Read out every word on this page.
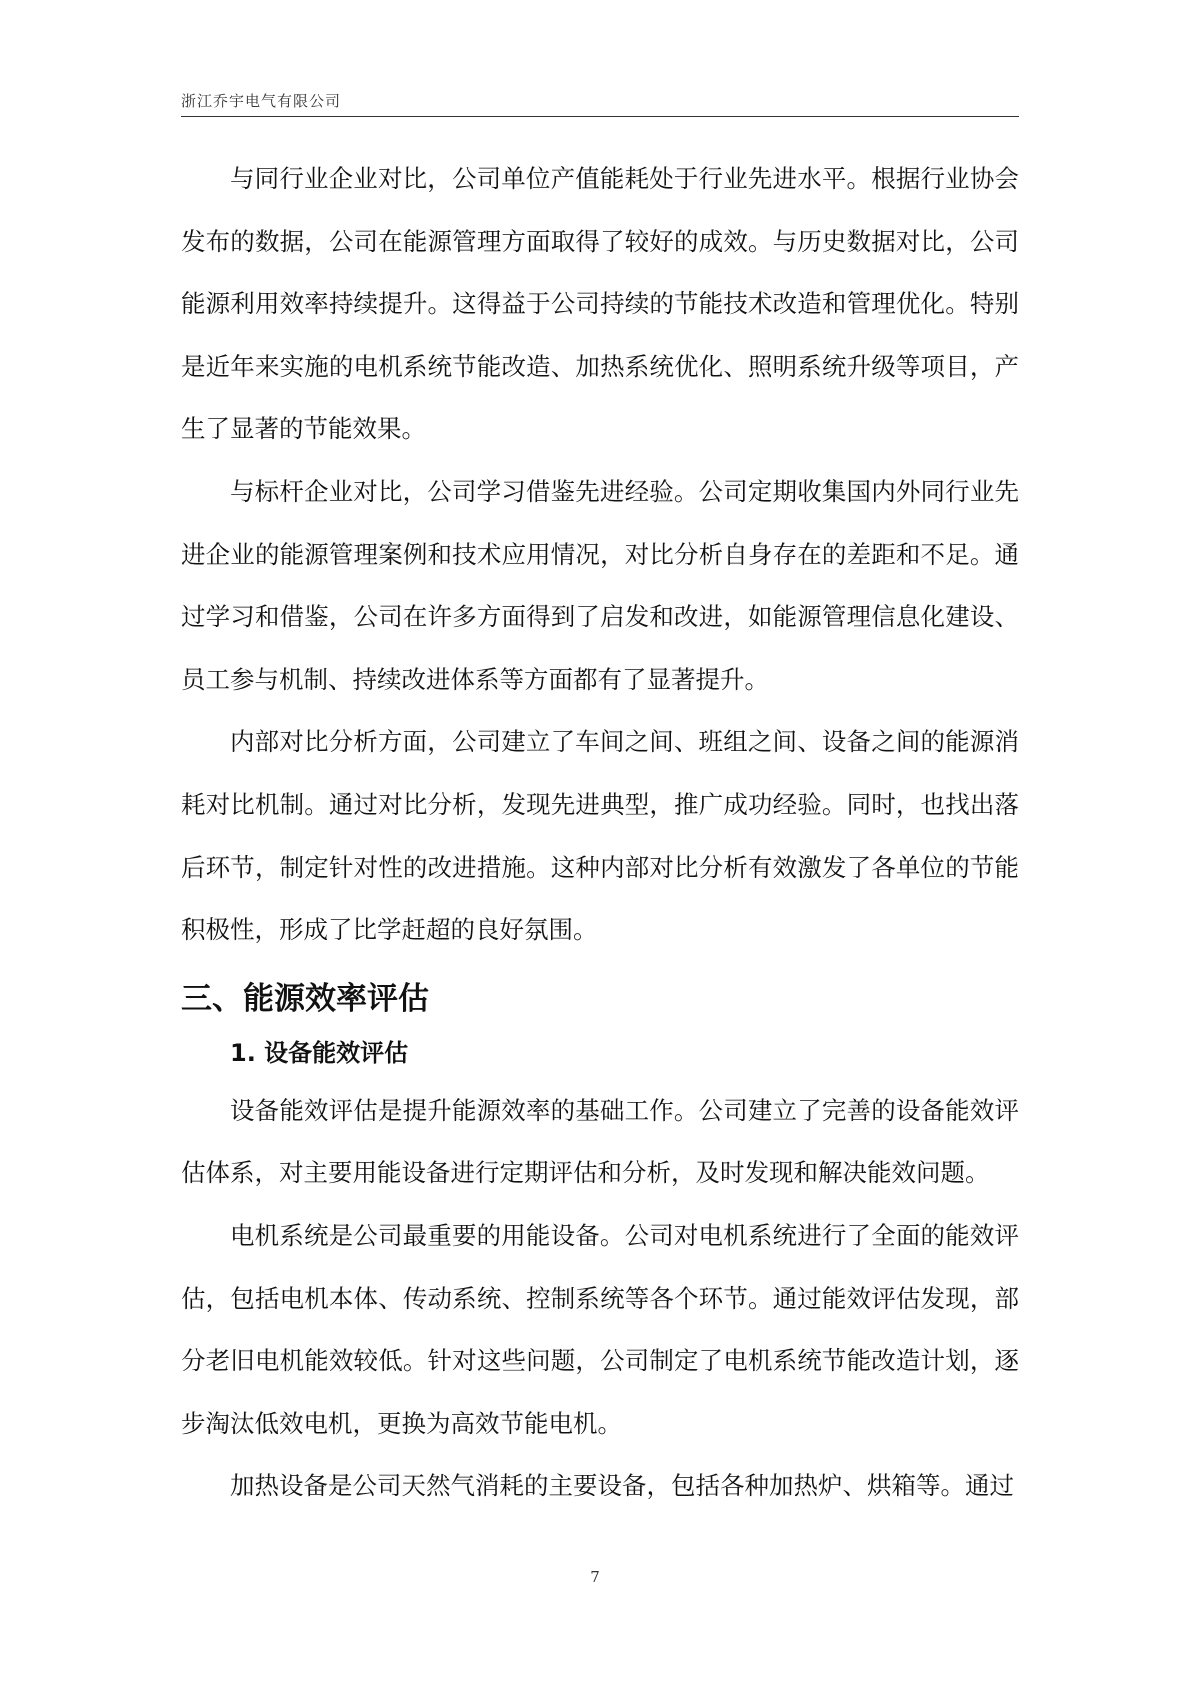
浙江乔宇电气有限公司

与同行业企业对比，公司单位产值能耗处于行业先进水平。根据行业协会发布的数据，公司在能源管理方面取得了较好的成效。与历史数据对比，公司能源利用效率持续提升。这得益于公司持续的节能技术改造和管理优化。特别是近年来实施的电机系统节能改造、加热系统优化、照明系统升级等项目，产生了显著的节能效果。

与标杆企业对比，公司学习借鉴先进经验。公司定期收集国内外同行业先进企业的能源管理案例和技术应用情况，对比分析自身存在的差距和不足。通过学习和借鉴，公司在许多方面得到了启发和改进，如能源管理信息化建设、员工参与机制、持续改进体系等方面都有了显著提升。

内部对比分析方面，公司建立了车间之间、班组之间、设备之间的能源消耗对比机制。通过对比分析，发现先进典型，推广成功经验。同时，也找出落后环节，制定针对性的改进措施。这种内部对比分析有效激发了各单位的节能积极性，形成了比学赶超的良好氛围。

三、能源效率评估
1. 设备能效评估

设备能效评估是提升能源效率的基础工作。公司建立了完善的设备能效评估体系，对主要用能设备进行定期评估和分析，及时发现和解决能效问题。

电机系统是公司最重要的用能设备。公司对电机系统进行了全面的能效评估，包括电机本体、传动系统、控制系统等各个环节。通过能效评估发现，部分老旧电机能效较低。针对这些问题，公司制定了电机系统节能改造计划，逐步淘汰低效电机，更换为高效节能电机。

加热设备是公司天然气消耗的主要设备，包括各种加热炉、烘箱等。通过

7
